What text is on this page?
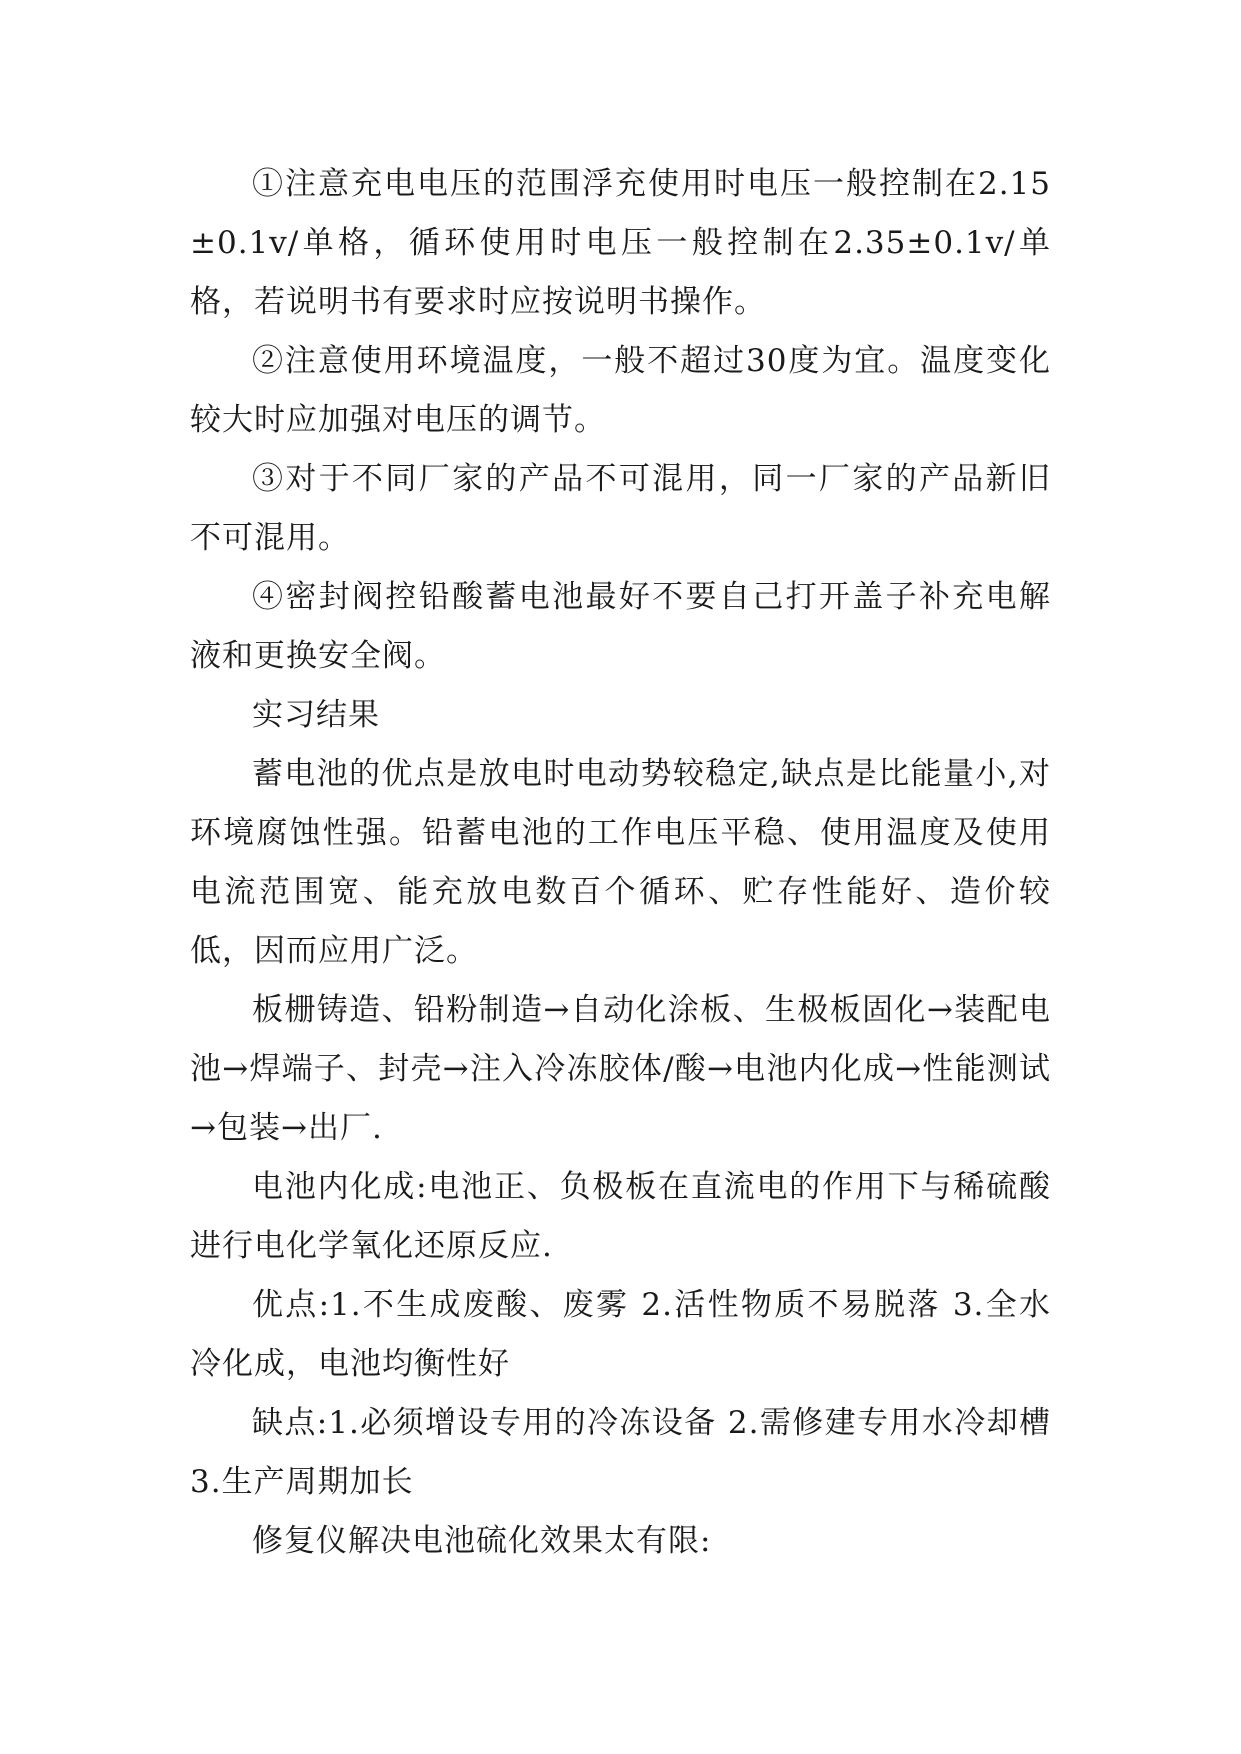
①注意充电电压的范围浮充使用时电压一般控制在2.15±0.1v/单格，循环使用时电压一般控制在2.35±0.1v/单格，若说明书有要求时应按说明书操作。

②注意使用环境温度，一般不超过30度为宜。温度变化较大时应加强对电压的调节。

③对于不同厂家的产品不可混用，同一厂家的产品新旧不可混用。

④密封阀控铅酸蓄电池最好不要自己打开盖子补充电解液和更换安全阀。

实习结果

蓄电池的优点是放电时电动势较稳定,缺点是比能量小,对环境腐蚀性强。铅蓄电池的工作电压平稳、使用温度及使用电流范围宽、能充放电数百个循环、贮存性能好、造价较低，因而应用广泛。

板栅铸造、铅粉制造→自动化涂板、生极板固化→装配电池→焊端子、封壳→注入冷冻胶体/酸→电池内化成→性能测试→包装→出厂.

电池内化成:电池正、负极板在直流电的作用下与稀硫酸进行电化学氧化还原反应.

优点:1.不生成废酸、废雾 2.活性物质不易脱落 3.全水冷化成，电池均衡性好

缺点:1.必须增设专用的冷冻设备 2.需修建专用水冷却槽 3.生产周期加长

修复仪解决电池硫化效果太有限:
